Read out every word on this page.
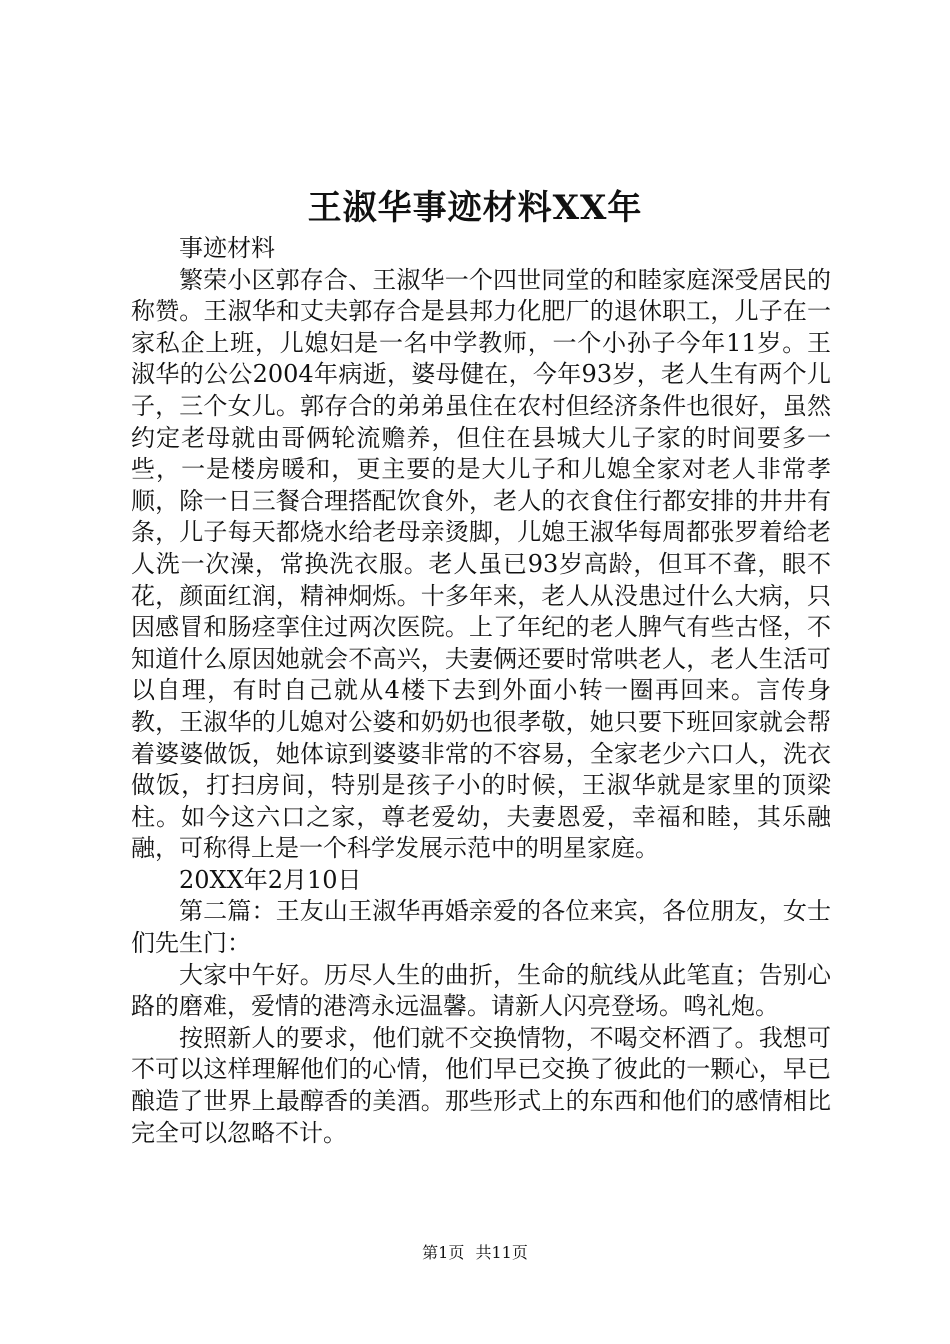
王淑华事迹材料XX年

事迹材料

繁荣小区郭存合、王淑华一个四世同堂的和睦家庭深受居民的称赞。王淑华和丈夫郭存合是县邦力化肥厂的退休职工，儿子在一家私企上班，儿媳妇是一名中学教师，一个小孙子今年11岁。王淑华的公公2004年病逝，婆母健在，今年93岁，老人生有两个儿子，三个女儿。郭存合的弟弟虽住在农村但经济条件也很好，虽然约定老母就由哥俩轮流赡养，但住在县城大儿子家的时间要多一些，一是楼房暖和，更主要的是大儿子和儿媳全家对老人非常孝顺，除一日三餐合理搭配饮食外，老人的衣食住行都安排的井井有条，儿子每天都烧水给老母亲烫脚，儿媳王淑华每周都张罗着给老人洗一次澡，常换洗衣服。老人虽已93岁高龄，但耳不聋，眼不花，颜面红润，精神炯烁。十多年来，老人从没患过什么大病，只因感冒和肠痉挛住过两次医院。上了年纪的老人脾气有些古怪，不知道什么原因她就会不高兴，夫妻俩还要时常哄老人，老人生活可以自理，有时自己就从4楼下去到外面小转一圈再回来。言传身教，王淑华的儿媳对公婆和奶奶也很孝敬，她只要下班回家就会帮着婆婆做饭，她体谅到婆婆非常的不容易，全家老少六口人，洗衣做饭，打扫房间，特别是孩子小的时候，王淑华就是家里的顶梁柱。如今这六口之家，尊老爱幼，夫妻恩爱，幸福和睦，其乐融融，可称得上是一个科学发展示范中的明星家庭。

20XX年2月10日

第二篇：王友山王淑华再婚亲爱的各位来宾，各位朋友，女士们先生门：

大家中午好。历尽人生的曲折，生命的航线从此笔直；告别心路的磨难，爱情的港湾永远温馨。请新人闪亮登场。鸣礼炮。

按照新人的要求，他们就不交换情物，不喝交杯酒了。我想可不可以这样理解他们的心情，他们早已交换了彼此的一颗心，早已酿造了世界上最醇香的美酒。那些形式上的东西和他们的感情相比完全可以忽略不计。

第1页 共11页
